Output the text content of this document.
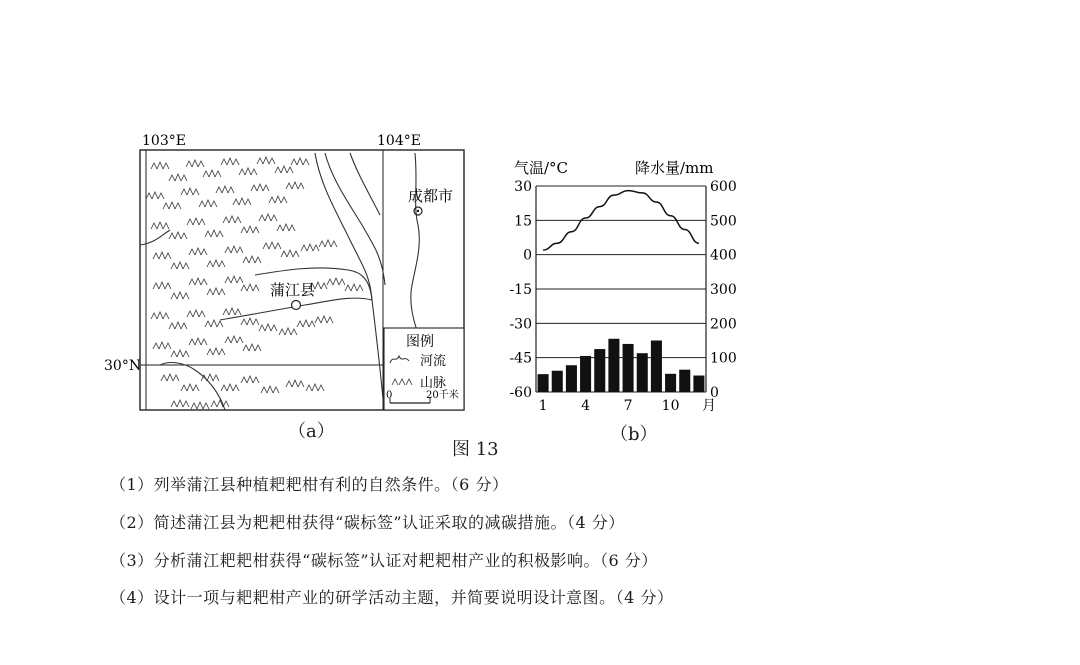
成都市
蒲江县
103°E	104°E
30°N
图例
河流
山脉
0	20千米
（a）
气温/°C	降水量/mm
30	600
15	500
0	400
-15	300
-30	200
-45	100
-60	0
1 4 7 10 月
（b）
图 13
（1）列举蒲江县种植耙耙柑有利的自然条件。（6 分）
（2）简述蒲江县为耙耙柑获得“碳标签”认证采取的减碳措施。（4 分）
（3）分析蒲江耙耙柑获得“碳标签”认证对耙耙柑产业的积极影响。（6 分）
（4）设计一项与耙耙柑产业的研学活动主题，并简要说明设计意图。（4 分）
